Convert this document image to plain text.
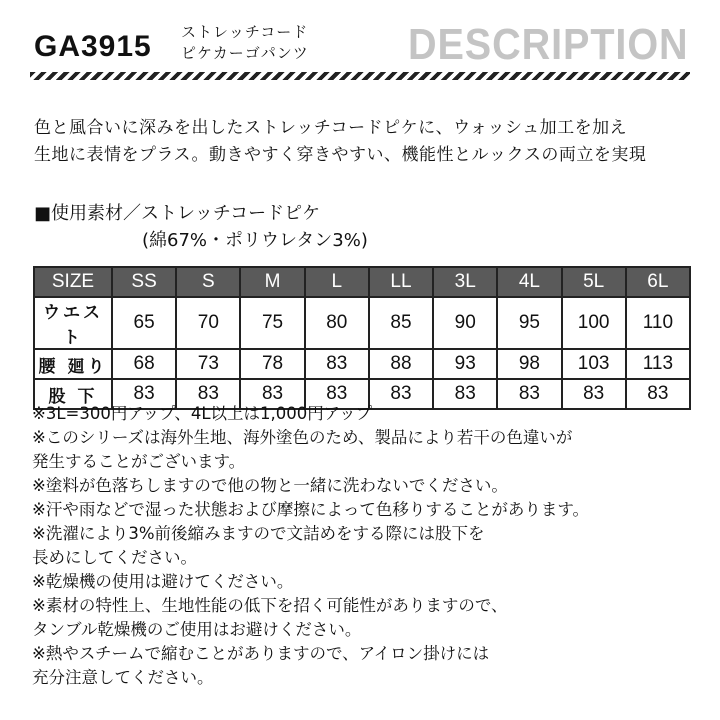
GA3915 ストレッチコード
ピケカーゴパンツ DESCRIPTION
色と風合いに深みを出したストレッチコードピケに、ウォッシュ加工を加え
生地に表情をプラス。動きやすく穿きやすい、機能性とルックスの両立を実現
■使用素材／ストレッチコードピケ
(綿67%・ポリウレタン3%)
SIZE	SS	S	M	L	LL	3L	4L	5L	6L
ウエスト	65	70	75	80	85	90	95	100	110
腰 廻り	68	73	78	83	88	93	98	103	113
股 下	83	83	83	83	83	83	83	83	83
※3L=300円アップ、4L以上は1,000円アップ
※このシリーズは海外生地、海外塗色のため、製品により若干の色違いが
発生することがございます。
※塗料が色落ちしますので他の物と一緒に洗わないでください。
※汗や雨などで湿った状態および摩擦によって色移りすることがあります。
※洗濯により3%前後縮みますので文詰めをする際には股下を
長めにしてください。
※乾燥機の使用は避けてください。
※素材の特性上、生地性能の低下を招く可能性がありますので、
タンブル乾燥機のご使用はお避けください。
※熱やスチームで縮むことがありますので、アイロン掛けには
充分注意してください。
